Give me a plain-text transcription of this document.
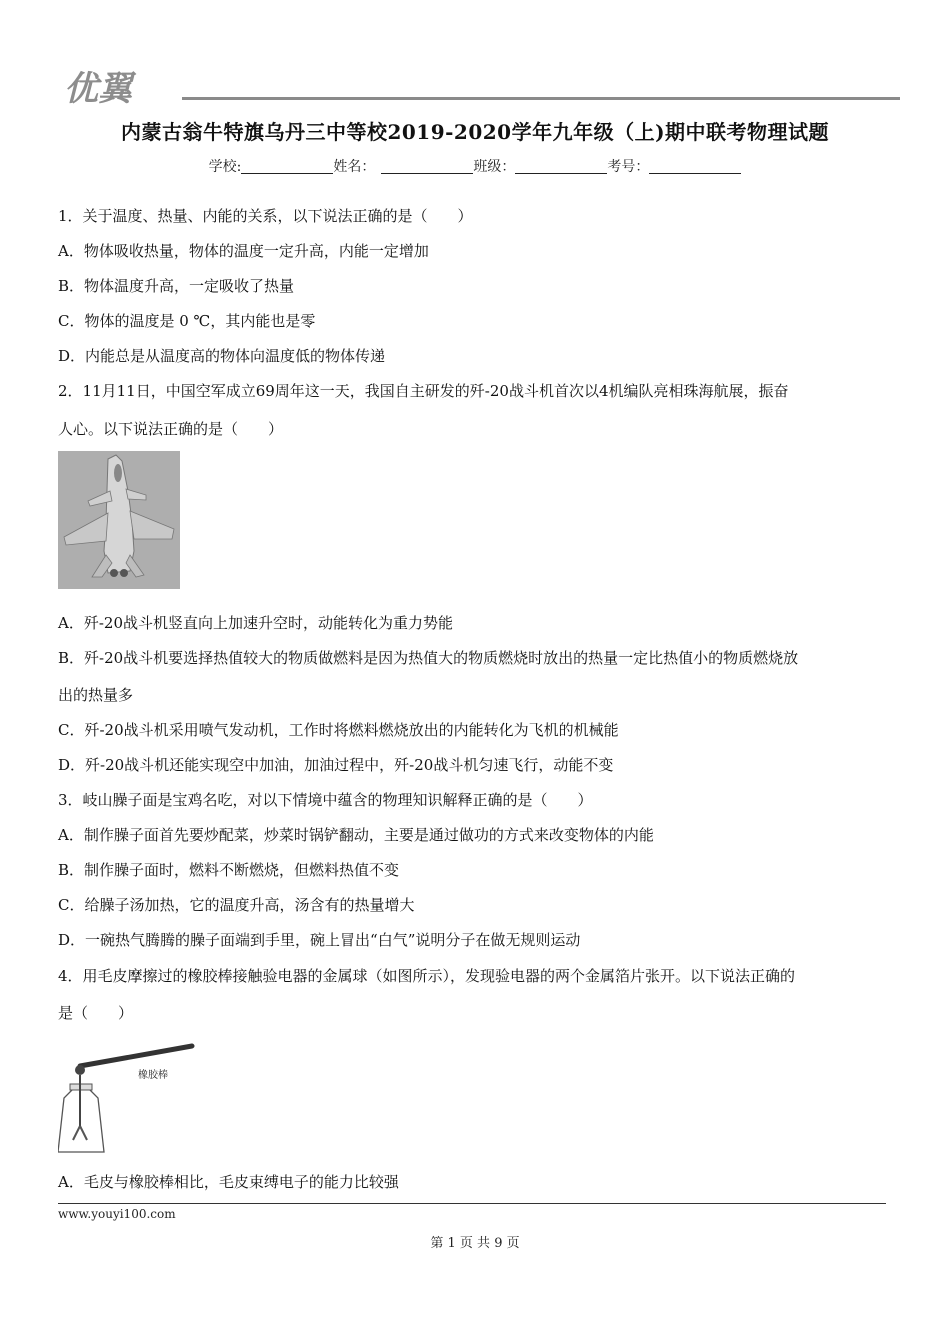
优翼
内蒙古翁牛特旗乌丹三中等校2019-2020学年九年级（上)期中联考物理试题
学校:	姓名：	班级：	考号：
1．关于温度、热量、内能的关系，以下说法正确的是（　　）
A．物体吸收热量，物体的温度一定升高，内能一定增加
B．物体温度升高，一定吸收了热量
C．物体的温度是 0 ℃，其内能也是零
D．内能总是从温度高的物体向温度低的物体传递
2．11月11日，中国空军成立69周年这一天，我国自主研发的歼-20战斗机首次以4机编队亮相珠海航展，振奋
人心。以下说法正确的是（　　）
A．歼-20战斗机竖直向上加速升空时，动能转化为重力势能
B．歼-20战斗机要选择热值较大的物质做燃料是因为热值大的物质燃烧时放出的热量一定比热值小的物质燃烧放
出的热量多
C．歼-20战斗机采用喷气发动机，工作时将燃料燃烧放出的内能转化为飞机的机械能
D．歼-20战斗机还能实现空中加油，加油过程中，歼-20战斗机匀速飞行，动能不变
3．岐山臊子面是宝鸡名吃，对以下情境中蕴含的物理知识解释正确的是（　　）
A．制作臊子面首先要炒配菜，炒菜时锅铲翻动，主要是通过做功的方式来改变物体的内能
B．制作臊子面时，燃料不断燃烧，但燃料热值不变
C．给臊子汤加热，它的温度升高，汤含有的热量增大
D．一碗热气腾腾的臊子面端到手里，碗上冒出“白气”说明分子在做无规则运动
4．用毛皮摩擦过的橡胶棒接触验电器的金属球（如图所示），发现验电器的两个金属箔片张开。以下说法正确的
是（　　）
橡胶棒
A．毛皮与橡胶棒相比，毛皮束缚电子的能力比较强
www.youyi100.com
第 1 页 共 9 页
